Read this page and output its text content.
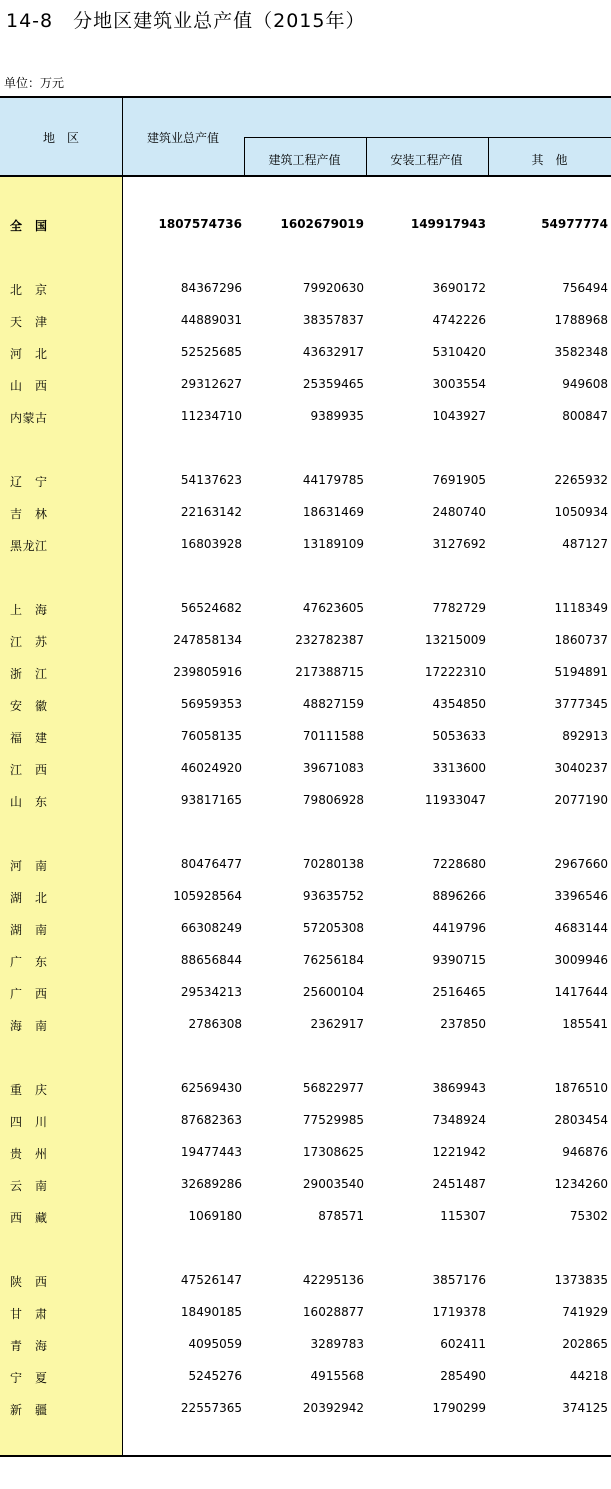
14-8　分地区建筑业总产值（2015年）
单位：万元
地　区	建筑业总产值
建筑工程产值	安装工程产值	其　他
全　国	1807574736	1602679019	149917943	54977774
北　京	84367296	79920630	3690172	756494
天　津	44889031	38357837	4742226	1788968
河　北	52525685	43632917	5310420	3582348
山　西	29312627	25359465	3003554	949608
内蒙古	11234710	9389935	1043927	800847
辽　宁	54137623	44179785	7691905	2265932
吉　林	22163142	18631469	2480740	1050934
黑龙江	16803928	13189109	3127692	487127
上　海	56524682	47623605	7782729	1118349
江　苏	247858134	232782387	13215009	1860737
浙　江	239805916	217388715	17222310	5194891
安　徽	56959353	48827159	4354850	3777345
福　建	76058135	70111588	5053633	892913
江　西	46024920	39671083	3313600	3040237
山　东	93817165	79806928	11933047	2077190
河　南	80476477	70280138	7228680	2967660
湖　北	105928564	93635752	8896266	3396546
湖　南	66308249	57205308	4419796	4683144
广　东	88656844	76256184	9390715	3009946
广　西	29534213	25600104	2516465	1417644
海　南	2786308	2362917	237850	185541
重　庆	62569430	56822977	3869943	1876510
四　川	87682363	77529985	7348924	2803454
贵　州	19477443	17308625	1221942	946876
云　南	32689286	29003540	2451487	1234260
西　藏	1069180	878571	115307	75302
陕　西	47526147	42295136	3857176	1373835
甘　肃	18490185	16028877	1719378	741929
青　海	4095059	3289783	602411	202865
宁　夏	5245276	4915568	285490	44218
新　疆	22557365	20392942	1790299	374125
